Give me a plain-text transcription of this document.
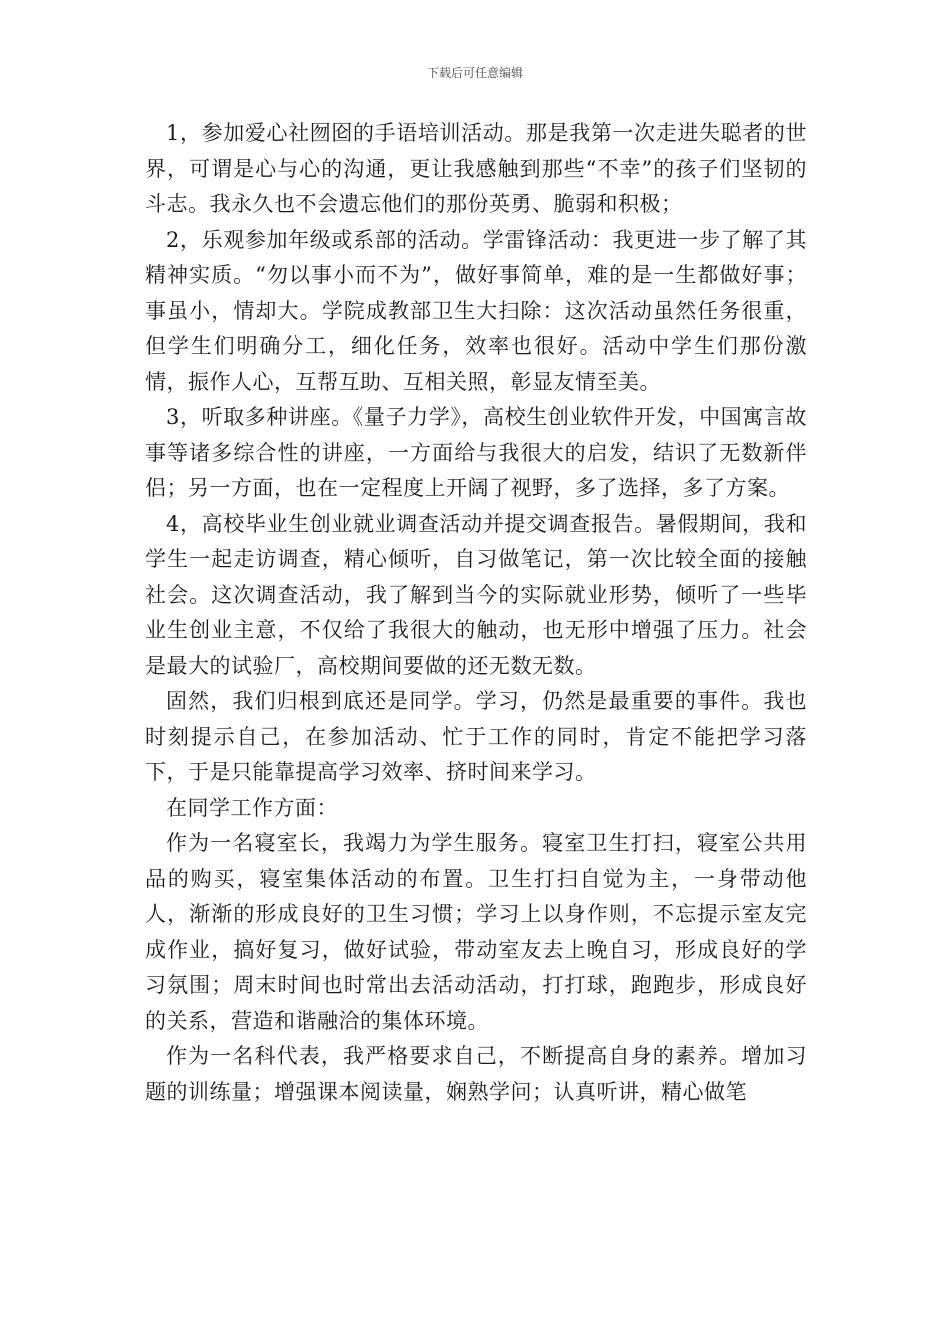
下载后可任意编辑

1，参加爱心社囫囵的手语培训活动。那是我第一次走进失聪者的世界，可谓是心与心的沟通，更让我感触到那些“不幸”的孩子们坚韧的斗志。我永久也不会遗忘他们的那份英勇、脆弱和积极；

2，乐观参加年级或系部的活动。学雷锋活动：我更进一步了解了其精神实质。“勿以事小而不为”，做好事简单，难的是一生都做好事；事虽小，情却大。学院成教部卫生大扫除：这次活动虽然任务很重，但学生们明确分工，细化任务，效率也很好。活动中学生们那份激情，振作人心，互帮互助、互相关照，彰显友情至美。

3，听取多种讲座。《量子力学》，高校生创业软件开发，中国寓言故事等诸多综合性的讲座，一方面给与我很大的启发，结识了无数新伴侣；另一方面，也在一定程度上开阔了视野，多了选择，多了方案。

4，高校毕业生创业就业调查活动并提交调查报告。暑假期间，我和学生一起走访调查，精心倾听，自习做笔记，第一次比较全面的接触社会。这次调查活动，我了解到当今的实际就业形势，倾听了一些毕业生创业主意，不仅给了我很大的触动，也无形中增强了压力。社会是最大的试验厂，高校期间要做的还无数无数。

固然，我们归根到底还是同学。学习，仍然是最重要的事件。我也时刻提示自己，在参加活动、忙于工作的同时，肯定不能把学习落下，于是只能靠提高学习效率、挤时间来学习。

在同学工作方面：

作为一名寝室长，我竭力为学生服务。寝室卫生打扫，寝室公共用品的购买，寝室集体活动的布置。卫生打扫自觉为主，一身带动他人，渐渐的形成良好的卫生习惯；学习上以身作则，不忘提示室友完成作业，搞好复习，做好试验，带动室友去上晚自习，形成良好的学习氛围；周末时间也时常出去活动活动，打打球，跑跑步，形成良好的关系，营造和谐融洽的集体环境。

作为一名科代表，我严格要求自己，不断提高自身的素养。增加习题的训练量；增强课本阅读量，娴熟学问；认真听讲，精心做笔
